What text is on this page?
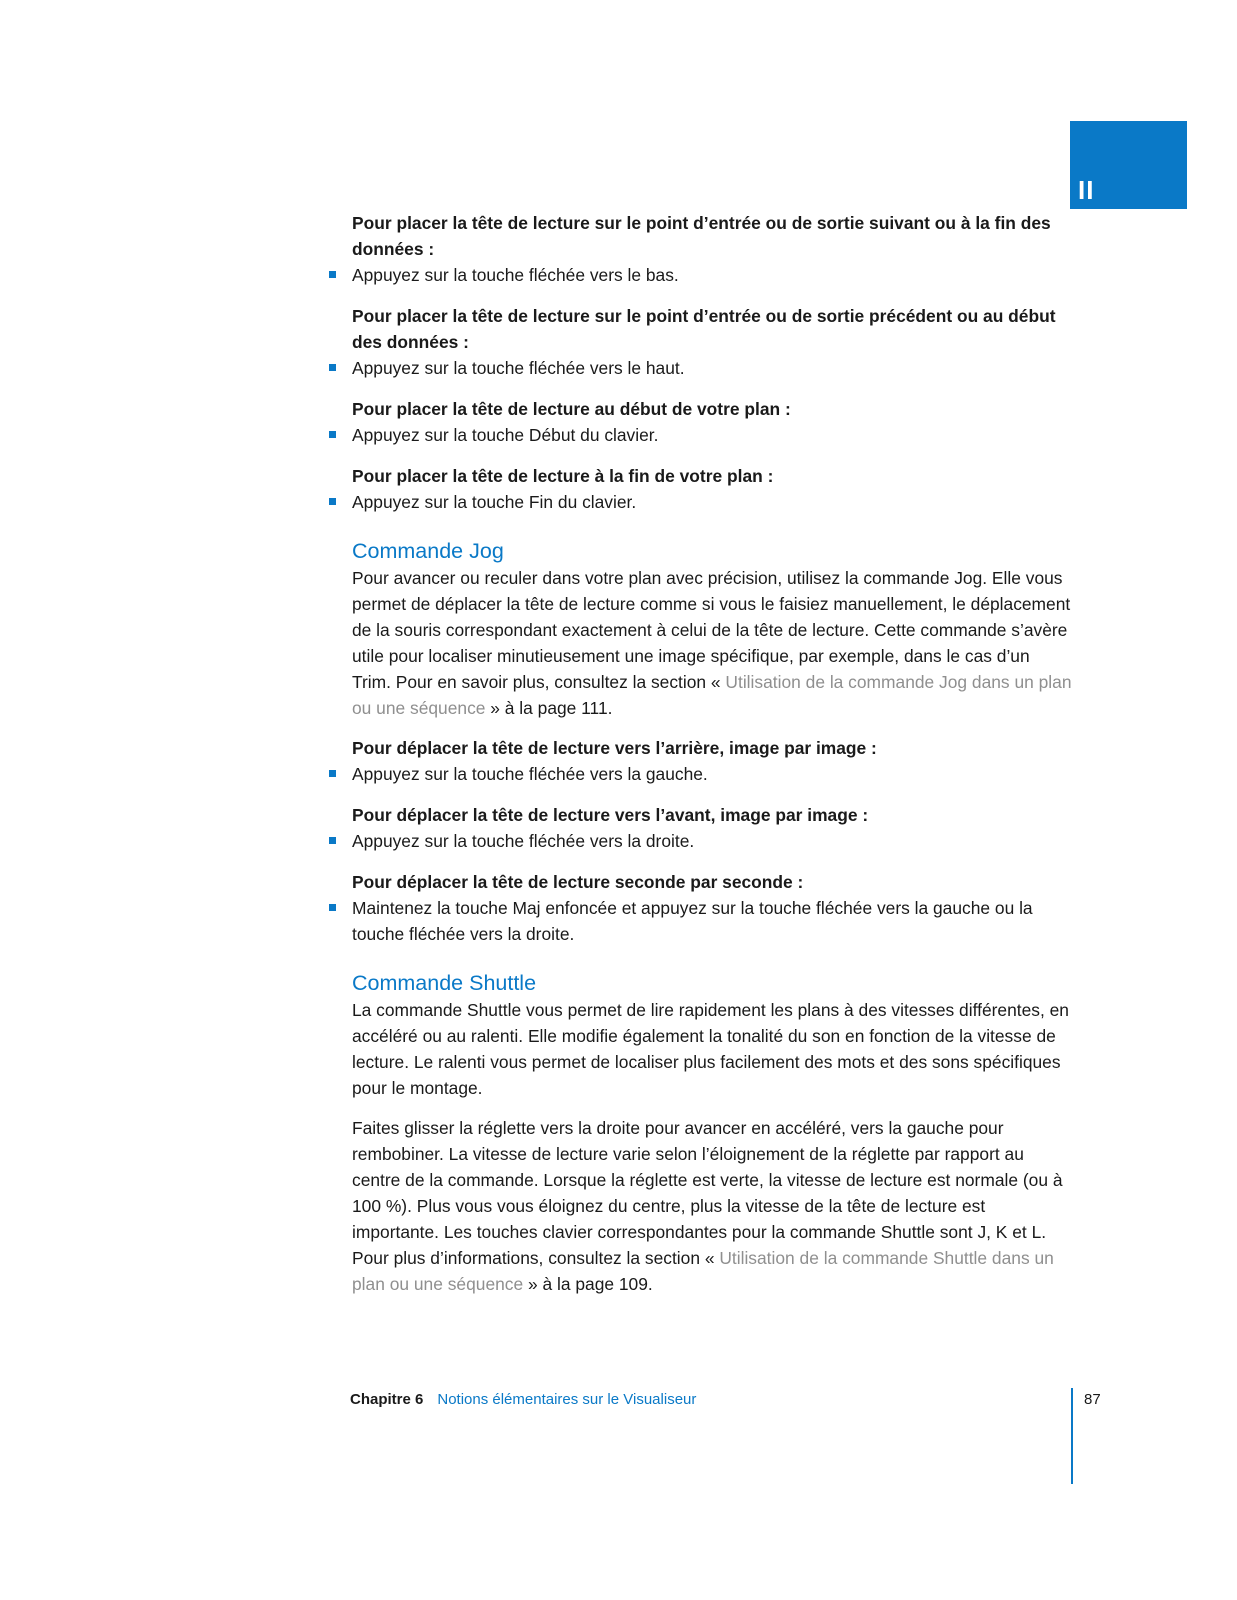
II

Pour placer la tête de lecture sur le point d’entrée ou de sortie suivant ou à la fin des données :

Appuyez sur la touche fléchée vers le bas.

Pour placer la tête de lecture sur le point d’entrée ou de sortie précédent ou au début des données :

Appuyez sur la touche fléchée vers le haut.

Pour placer la tête de lecture au début de votre plan :

Appuyez sur la touche Début du clavier.

Pour placer la tête de lecture à la fin de votre plan :

Appuyez sur la touche Fin du clavier.

Commande Jog

Pour avancer ou reculer dans votre plan avec précision, utilisez la commande Jog. Elle vous permet de déplacer la tête de lecture comme si vous le faisiez manuellement, le déplacement de la souris correspondant exactement à celui de la tête de lecture. Cette commande s’avère utile pour localiser minutieusement une image spécifique, par exemple, dans le cas d’un Trim. Pour en savoir plus, consultez la section « Utilisation de la commande Jog dans un plan ou une séquence » à la page 111.

Pour déplacer la tête de lecture vers l’arrière, image par image :

Appuyez sur la touche fléchée vers la gauche.

Pour déplacer la tête de lecture vers l’avant, image par image :

Appuyez sur la touche fléchée vers la droite.

Pour déplacer la tête de lecture seconde par seconde :

Maintenez la touche Maj enfoncée et appuyez sur la touche fléchée vers la gauche ou la touche fléchée vers la droite.

Commande Shuttle

La commande Shuttle vous permet de lire rapidement les plans à des vitesses différentes, en accéléré ou au ralenti. Elle modifie également la tonalité du son en fonction de la vitesse de lecture. Le ralenti vous permet de localiser plus facilement des mots et des sons spécifiques pour le montage.

Faites glisser la réglette vers la droite pour avancer en accéléré, vers la gauche pour rembobiner. La vitesse de lecture varie selon l’éloignement de la réglette par rapport au centre de la commande. Lorsque la réglette est verte, la vitesse de lecture est normale (ou à 100 %). Plus vous vous éloignez du centre, plus la vitesse de la tête de lecture est importante. Les touches clavier correspondantes pour la commande Shuttle sont J, K et L. Pour plus d’informations, consultez la section « Utilisation de la commande Shuttle dans un plan ou une séquence » à la page 109.

Chapitre 6 Notions élémentaires sur le Visualiseur	87
